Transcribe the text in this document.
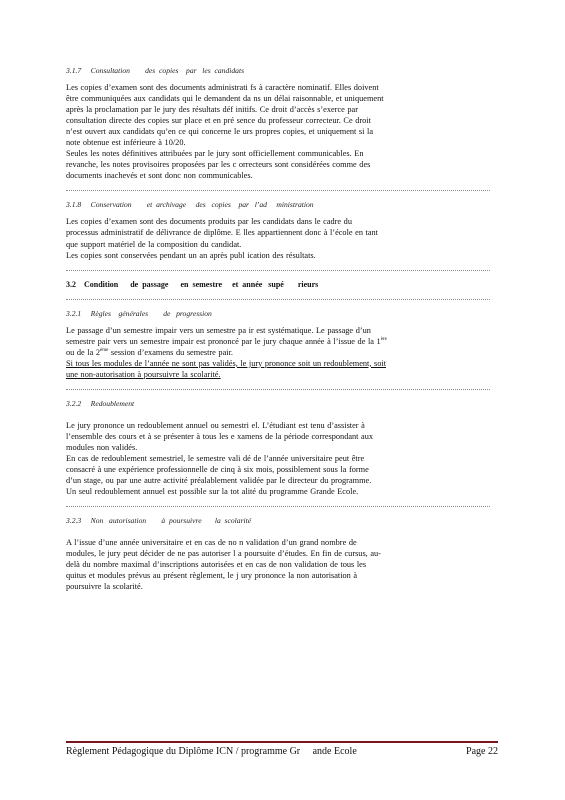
3.1.7     Consultation        des  copies    par   les  candidats
Les copies d’examen sont des documents administrati fs à caractère nominatif. Elles doivent
être communiquées aux candidats qui le demandent da ns un délai raisonnable, et uniquement
après la proclamation par le jury des résultats déf initifs. Ce droit d’accès s’exerce par
consultation directe des copies sur place et en pré sence du professeur correcteur. Ce droit
n’est ouvert aux candidats qu’en ce qui concerne le urs propres copies, et uniquement si la
note obtenue est inférieure à 10/20.
Seules les notes définitives attribuées par le jury sont officiellement communicables. En
revanche, les notes provisoires proposées par les c orrecteurs sont considérées comme des
documents inachevés et sont donc non communicables.
3.1.8     Conservation        et  archivage     des   copies    par   l’ad     ministration
Les copies d’examen sont des documents produits par les candidats dans le cadre du
processus administratif de délivrance de diplôme. E lles appartiennent donc à l’école en tant
que support matériel de la composition du candidat.
Les copies sont conservées pendant un an après publ ication des résultats.
3.2    Condition      de  passage      en  semestre     et  année   supé       rieurs
3.2.1     Règles    générales        de   progression
Le passage d’un semestre impair vers un semestre pa ir est systématique. Le passage d’un
semestre pair vers un semestre impair est prononcé par le jury chaque année à l’issue de la 1ère
ou de la 2ème session d’examens du semestre pair.
Si tous les modules de l’année ne sont pas validés, le jury prononce soit un redoublement, soit
une non-autorisation à poursuivre la scolarité.
3.2.2     Redoublement
Le jury prononce un redoublement annuel ou semestri el. L’étudiant est tenu d’assister à
l’ensemble des cours et à se présenter à tous les e xamens de la période correspondant aux
modules non validés.
En cas de redoublement semestriel, le semestre vali dé de l’année universitaire peut être
consacré à une expérience professionnelle de cinq à six mois, possiblement sous la forme
d’un stage, ou par une autre activité préalablement validée par le directeur du programme.
Un seul redoublement annuel est possible sur la tot alité du programme Grande Ecole.
3.2.3     Non   autorisation        à  poursuivre       la  scolarité
A l’issue d’une année universitaire et en cas de no n validation d’un grand nombre de
modules, le jury peut décider de ne pas autoriser l a poursuite d’études. En fin de cursus, au-
delà du nombre maximal d’inscriptions autorisées et en cas de non validation de tous les
quitus et modules prévus au présent règlement, le j ury prononce la non autorisation à
poursuivre la scolarité.

Règlement Pédagogique du Diplôme ICN / programme Gr     ande Ecole

	Page 22
